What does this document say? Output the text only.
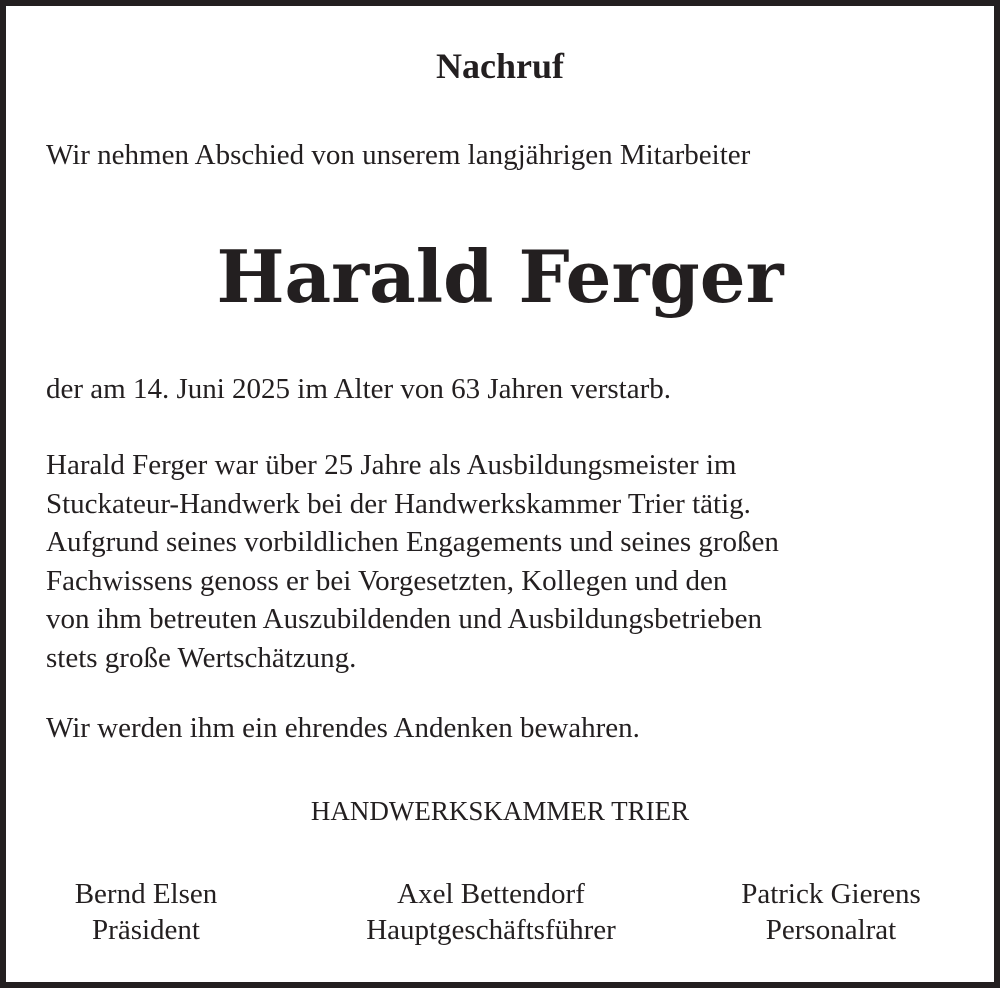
Nachruf
Wir nehmen Abschied von unserem langjährigen Mitarbeiter
Harald Ferger
der am 14. Juni 2025 im Alter von 63 Jahren verstarb.
Harald Ferger war über 25 Jahre als Ausbildungsmeister im
Stuckateur-Handwerk bei der Handwerkskammer Trier tätig.
Aufgrund seines vorbildlichen Engagements und seines großen
Fachwissens genoss er bei Vorgesetzten, Kollegen und den
von ihm betreuten Auszubildenden und Ausbildungsbetrieben
stets große Wertschätzung.
Wir werden ihm ein ehrendes Andenken bewahren.
HANDWERKSKAMMER TRIER
Bernd Elsen
Präsident
Axel Bettendorf
Hauptgeschäftsführer
Patrick Gierens
Personalrat
